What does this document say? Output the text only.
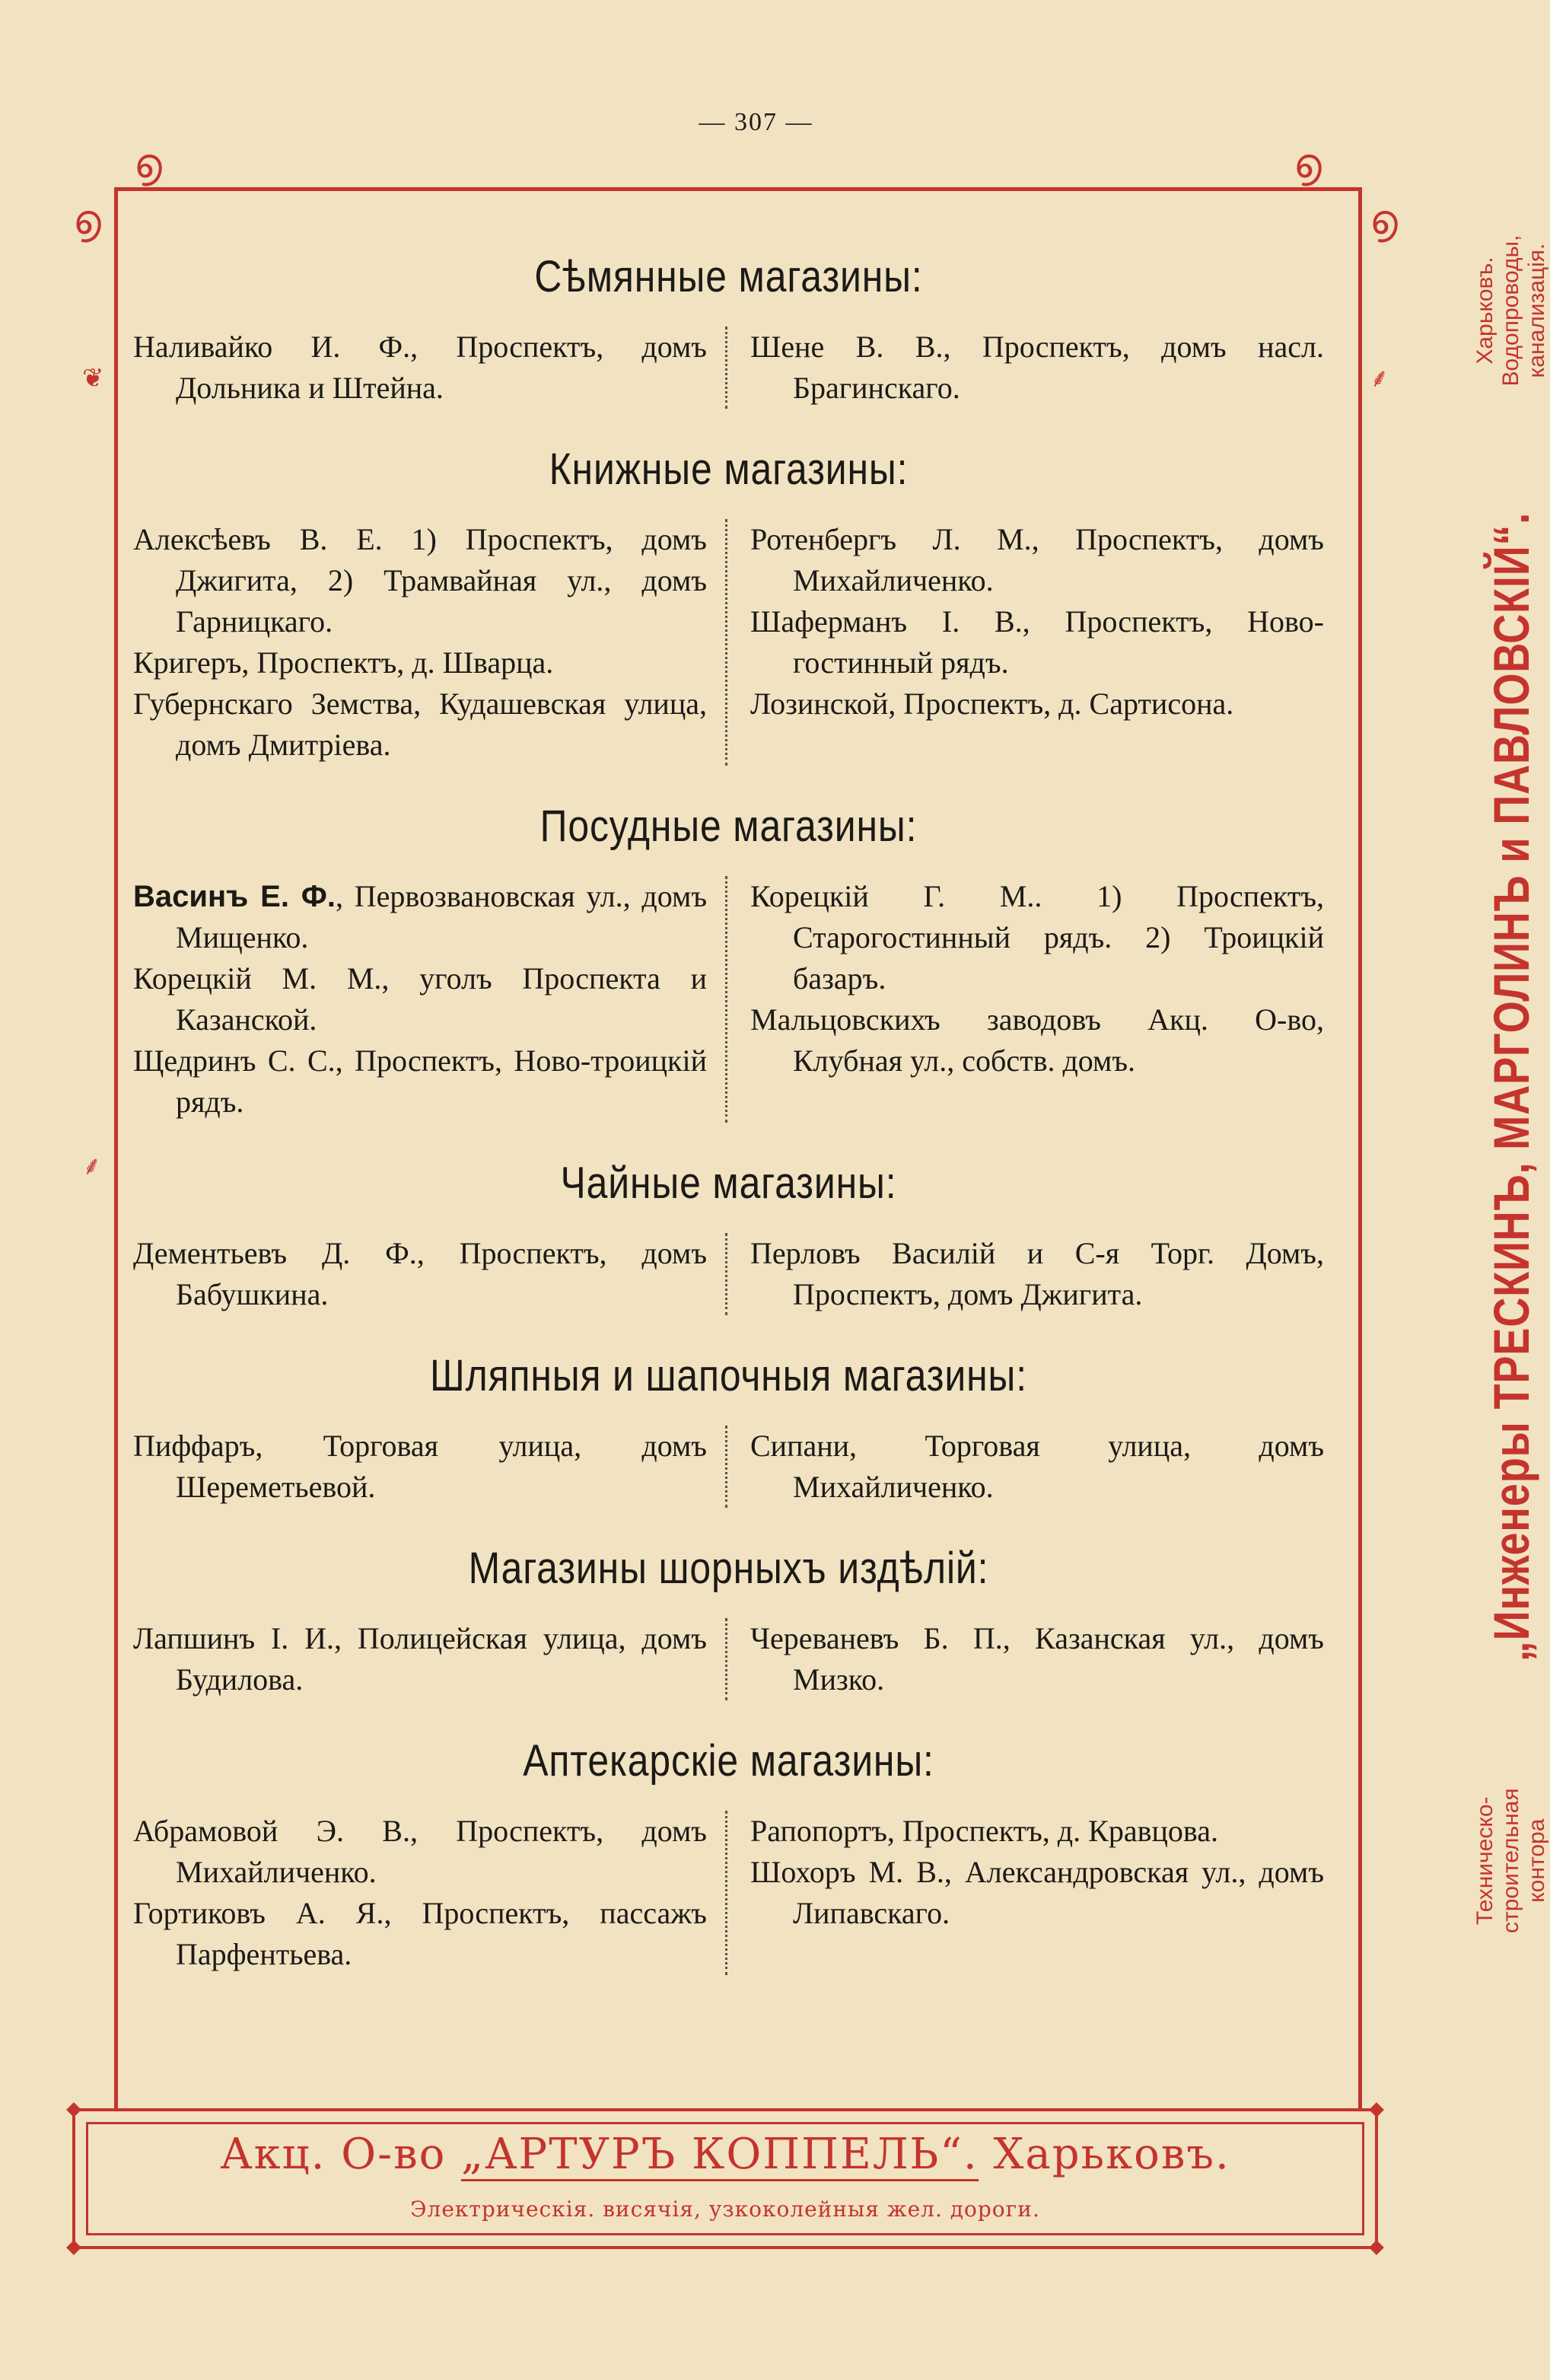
— 307 —
൭
൭
൭
൭
❦
⸙
⸙
Сѣмянные магазины:
Наливайко И. Ф., Проспектъ, домъ Дольника и Штейна.
Шене В. В., Проспектъ, домъ насл. Брагинскаго.
Книжные магазины:
Алексѣевъ В. Е. 1) Проспектъ, домъ Джигита, 2) Трамвайная ул., домъ Гарницкаго.
Кригеръ, Проспектъ, д. Шварца.
Губернскаго Земства, Кудашевская улица, домъ Дмитріева.
Ротенбергъ Л. М., Проспектъ, домъ Михайличенко.
Шаферманъ І. В., Проспектъ, Ново-гостинный рядъ.
Лозинской, Проспектъ, д. Сартисона.
Посудные магазины:
Васинъ Е. Ф., Первозвановская ул., домъ Мищенко.
Корецкій М. М., уголъ Проспекта и Казанской.
Щедринъ С. С., Проспектъ, Ново-троицкій рядъ.
Корецкій Г. М.. 1) Проспектъ, Старогостинный рядъ. 2) Троицкій базаръ.
Мальцовскихъ заводовъ Акц. О-во, Клубная ул., собств. домъ.
Чайные магазины:
Дементьевъ Д. Ф., Проспектъ, домъ Бабушкина.
Перловъ Василій и С-я Торг. Домъ, Проспектъ, домъ Джигита.
Шляпныя и шапочныя магазины:
Пиффаръ, Торговая улица, домъ Шереметьевой.
Сипани, Торговая улица, домъ Михайличенко.
Магазины шорныхъ издѣлій:
Лапшинъ І. И., Полицейская улица, домъ Будилова.
Череваневъ Б. П., Казанская ул., домъ Мизко.
Аптекарскіе магазины:
Абрамовой Э. В., Проспектъ, домъ Михайличенко.
Гортиковъ А. Я., Проспектъ, пассажъ Парфентьева.
Рапопортъ, Проспектъ, д. Кравцова.
Шохоръ М. В., Александровская ул., домъ Липавскаго.	Техническо-строительная контора
„Инженеры ТРЕСКИНЪ, МАРГОЛИНЪ и ПАВЛОВСКІЙ“.
Харьковъ. Водопроводы, канализація.
Акц. О-во „АРТУРЪ КОППЕЛЬ“. Харьковъ.
Электрическія. висячія, узкоколейныя жел. дороги.
